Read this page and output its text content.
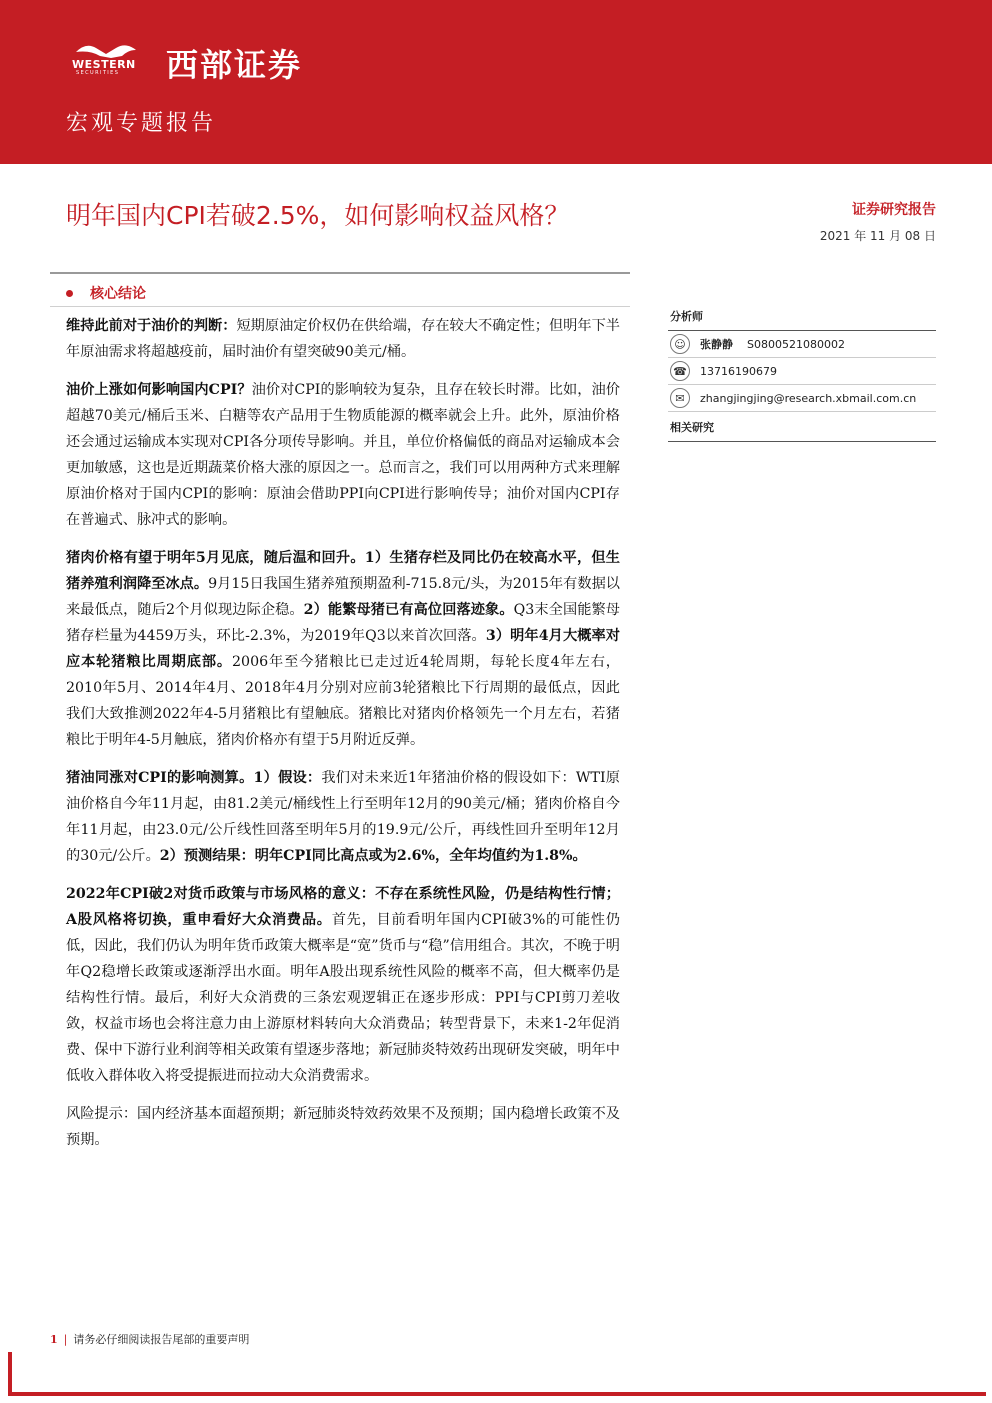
WESTERN
SECURITIES 西部证券
宏观专题报告
明年国内CPI若破2.5%，如何影响权益风格？	证券研究报告
2021 年 11 月 08 日
核心结论

维持此前对于油价的判断：短期原油定价权仍在供给端，存在较大不确定性；但明年下半年原油需求将超越疫前，届时油价有望突破90美元/桶。

油价上涨如何影响国内CPI？油价对CPI的影响较为复杂，且存在较长时滞。比如，油价超越70美元/桶后玉米、白糖等农产品用于生物质能源的概率就会上升。此外，原油价格还会通过运输成本实现对CPI各分项传导影响。并且，单位价格偏低的商品对运输成本会更加敏感，这也是近期蔬菜价格大涨的原因之一。总而言之，我们可以用两种方式来理解原油价格对于国内CPI的影响：原油会借助PPI向CPI进行影响传导；油价对国内CPI存在普遍式、脉冲式的影响。

猪肉价格有望于明年5月见底，随后温和回升。1）生猪存栏及同比仍在较高水平，但生猪养殖利润降至冰点。9月15日我国生猪养殖预期盈利-715.8元/头，为2015年有数据以来最低点，随后2个月似现边际企稳。2）能繁母猪已有高位回落迹象。Q3末全国能繁母猪存栏量为4459万头，环比-2.3%，为2019年Q3以来首次回落。3）明年4月大概率对应本轮猪粮比周期底部。2006年至今猪粮比已走过近4轮周期，每轮长度4年左右，2010年5月、2014年4月、2018年4月分别对应前3轮猪粮比下行周期的最低点，因此我们大致推测2022年4-5月猪粮比有望触底。猪粮比对猪肉价格领先一个月左右，若猪粮比于明年4-5月触底，猪肉价格亦有望于5月附近反弹。

猪油同涨对CPI的影响测算。1）假设：我们对未来近1年猪油价格的假设如下：WTI原油价格自今年11月起，由81.2美元/桶线性上行至明年12月的90美元/桶；猪肉价格自今年11月起，由23.0元/公斤线性回落至明年5月的19.9元/公斤，再线性回升至明年12月的30元/公斤。2）预测结果：明年CPI同比高点或为2.6%，全年均值约为1.8%。

2022年CPI破2对货币政策与市场风格的意义：不存在系统性风险，仍是结构性行情；A股风格将切换，重申看好大众消费品。首先，目前看明年国内CPI破3%的可能性仍低，因此，我们仍认为明年货币政策大概率是“宽”货币与“稳”信用组合。其次，不晚于明年Q2稳增长政策或逐渐浮出水面。明年A股出现系统性风险的概率不高，但大概率仍是结构性行情。最后，利好大众消费的三条宏观逻辑正在逐步形成：PPI与CPI剪刀差收敛，权益市场也会将注意力由上游原材料转向大众消费品；转型背景下，未来1-2年促消费、保中下游行业利润等相关政策有望逐步落地；新冠肺炎特效药出现研发突破，明年中低收入群体收入将受提振进而拉动大众消费需求。

风险提示：国内经济基本面超预期；新冠肺炎特效药效果不及预期；国内稳增长政策不及预期。

分析师
☺	张静静 S0800521080002
☎ 13716190679
✉	zhangjingjing@research.xbmail.com.cn
相关研究
1 | 请务必仔细阅读报告尾部的重要声明
